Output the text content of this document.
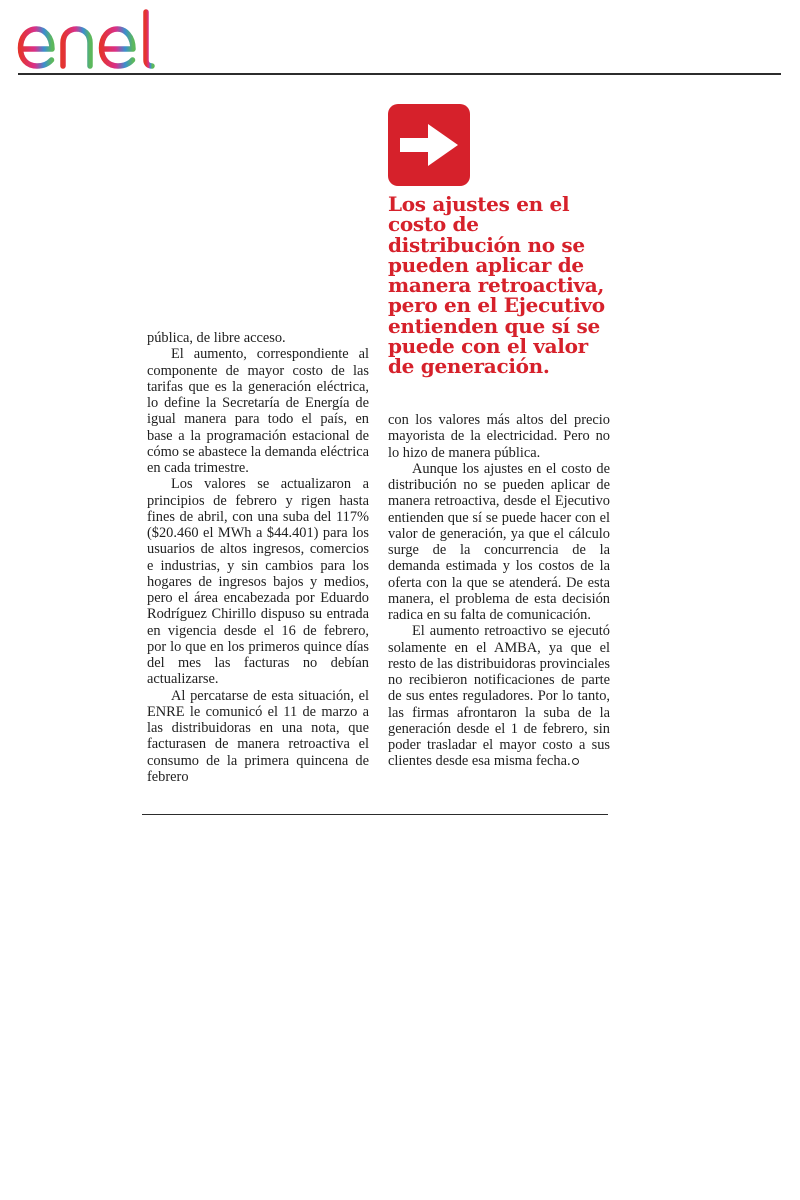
Los ajustes en el
costo de
distribución no se
pueden aplicar de
manera retroactiva,
pero en el Ejecutivo
entienden que sí se
puede con el valor
de generación.

pública, de libre acceso.

El aumento, correspondiente al componente de mayor costo de las tarifas que es la generación eléctrica, lo define la Secretaría de Energía de igual manera para todo el país, en base a la programación estacional de cómo se abastece la demanda eléctrica en cada trimestre.

Los valores se actualizaron a principios de febrero y rigen hasta fines de abril, con una suba del 117% ($20.460 el MWh a $44.401) para los usuarios de altos ingresos, comercios e industrias, y sin cambios para los hogares de ingresos bajos y medios, pero el área encabezada por Eduardo Rodríguez Chirillo dispuso su entrada en vigencia desde el 16 de febrero, por lo que en los primeros quince días del mes las facturas no debían actualizarse.

Al percatarse de esta situación, el ENRE le comunicó el 11 de marzo a las distribuidoras en una nota, que facturasen de manera retroactiva el consumo de la primera quincena de febrero

con los valores más altos del precio mayorista de la electricidad. Pero no lo hizo de manera pública.

Aunque los ajustes en el costo de distribución no se pueden aplicar de manera retroactiva, desde el Ejecutivo entienden que sí se puede hacer con el valor de generación, ya que el cálculo surge de la concurrencia de la demanda estimada y los costos de la oferta con la que se atenderá. De esta manera, el problema de esta decisión radica en su falta de comunicación.

El aumento retroactivo se ejecutó solamente en el AMBA, ya que el resto de las distribuidoras provinciales no recibieron notificaciones de parte de sus entes reguladores. Por lo tanto, las firmas afrontaron la suba de la generación desde el 1 de febrero, sin poder trasladar el mayor costo a sus clientes desde esa misma fecha.
